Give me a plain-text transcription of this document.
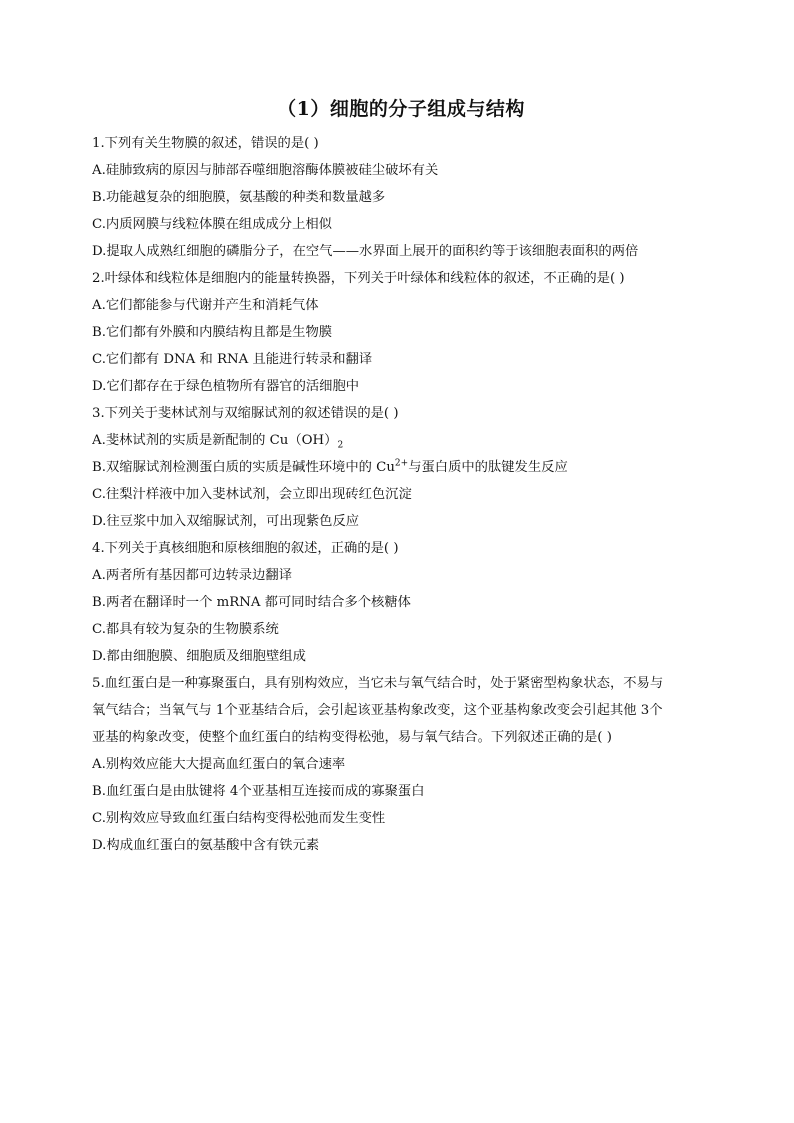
（1）细胞的分子组成与结构
1.下列有关生物膜的叙述，错误的是( )
A.硅肺致病的原因与肺部吞噬细胞溶酶体膜被硅尘破坏有关
B.功能越复杂的细胞膜，氨基酸的种类和数量越多
C.内质网膜与线粒体膜在组成成分上相似
D.提取人成熟红细胞的磷脂分子，在空气——水界面上展开的面积约等于该细胞表面积的两倍
2.叶绿体和线粒体是细胞内的能量转换器，下列关于叶绿体和线粒体的叙述，不正确的是( )
A.它们都能参与代谢并产生和消耗气体
B.它们都有外膜和内膜结构且都是生物膜
C.它们都有 DNA 和 RNA 且能进行转录和翻译
D.它们都存在于绿色植物所有器官的活细胞中
3.下列关于斐林试剂与双缩脲试剂的叙述错误的是( )
A.斐林试剂的实质是新配制的 $Cu(OH)_2$
B.双缩脲试剂检测蛋白质的实质是碱性环境中的 $Cu^{2+}$与蛋白质中的肽键发生反应
C.往梨汁样液中加入斐林试剂，会立即出现砖红色沉淀
D.往豆浆中加入双缩脲试剂，可出现紫色反应
4.下列关于真核细胞和原核细胞的叙述，正确的是( )
A.两者所有基因都可边转录边翻译
B.两者在翻译时一个 mRNA 都可同时结合多个核糖体
C.都具有较为复杂的生物膜系统
D.都由细胞膜、细胞质及细胞壁组成
5.血红蛋白是一种寡聚蛋白，具有别构效应，当它未与氧气结合时，处于紧密型构象状态，不易与
氧气结合；当氧气与 1个亚基结合后，会引起该亚基构象改变，这个亚基构象改变会引起其他 3个
亚基的构象改变，使整个血红蛋白的结构变得松弛，易与氧气结合。下列叙述正确的是( )
A.别构效应能大大提高血红蛋白的氧合速率
B.血红蛋白是由肽键将 4个亚基相互连接而成的寡聚蛋白
C.别构效应导致血红蛋白结构变得松弛而发生变性
D.构成血红蛋白的氨基酸中含有铁元素
